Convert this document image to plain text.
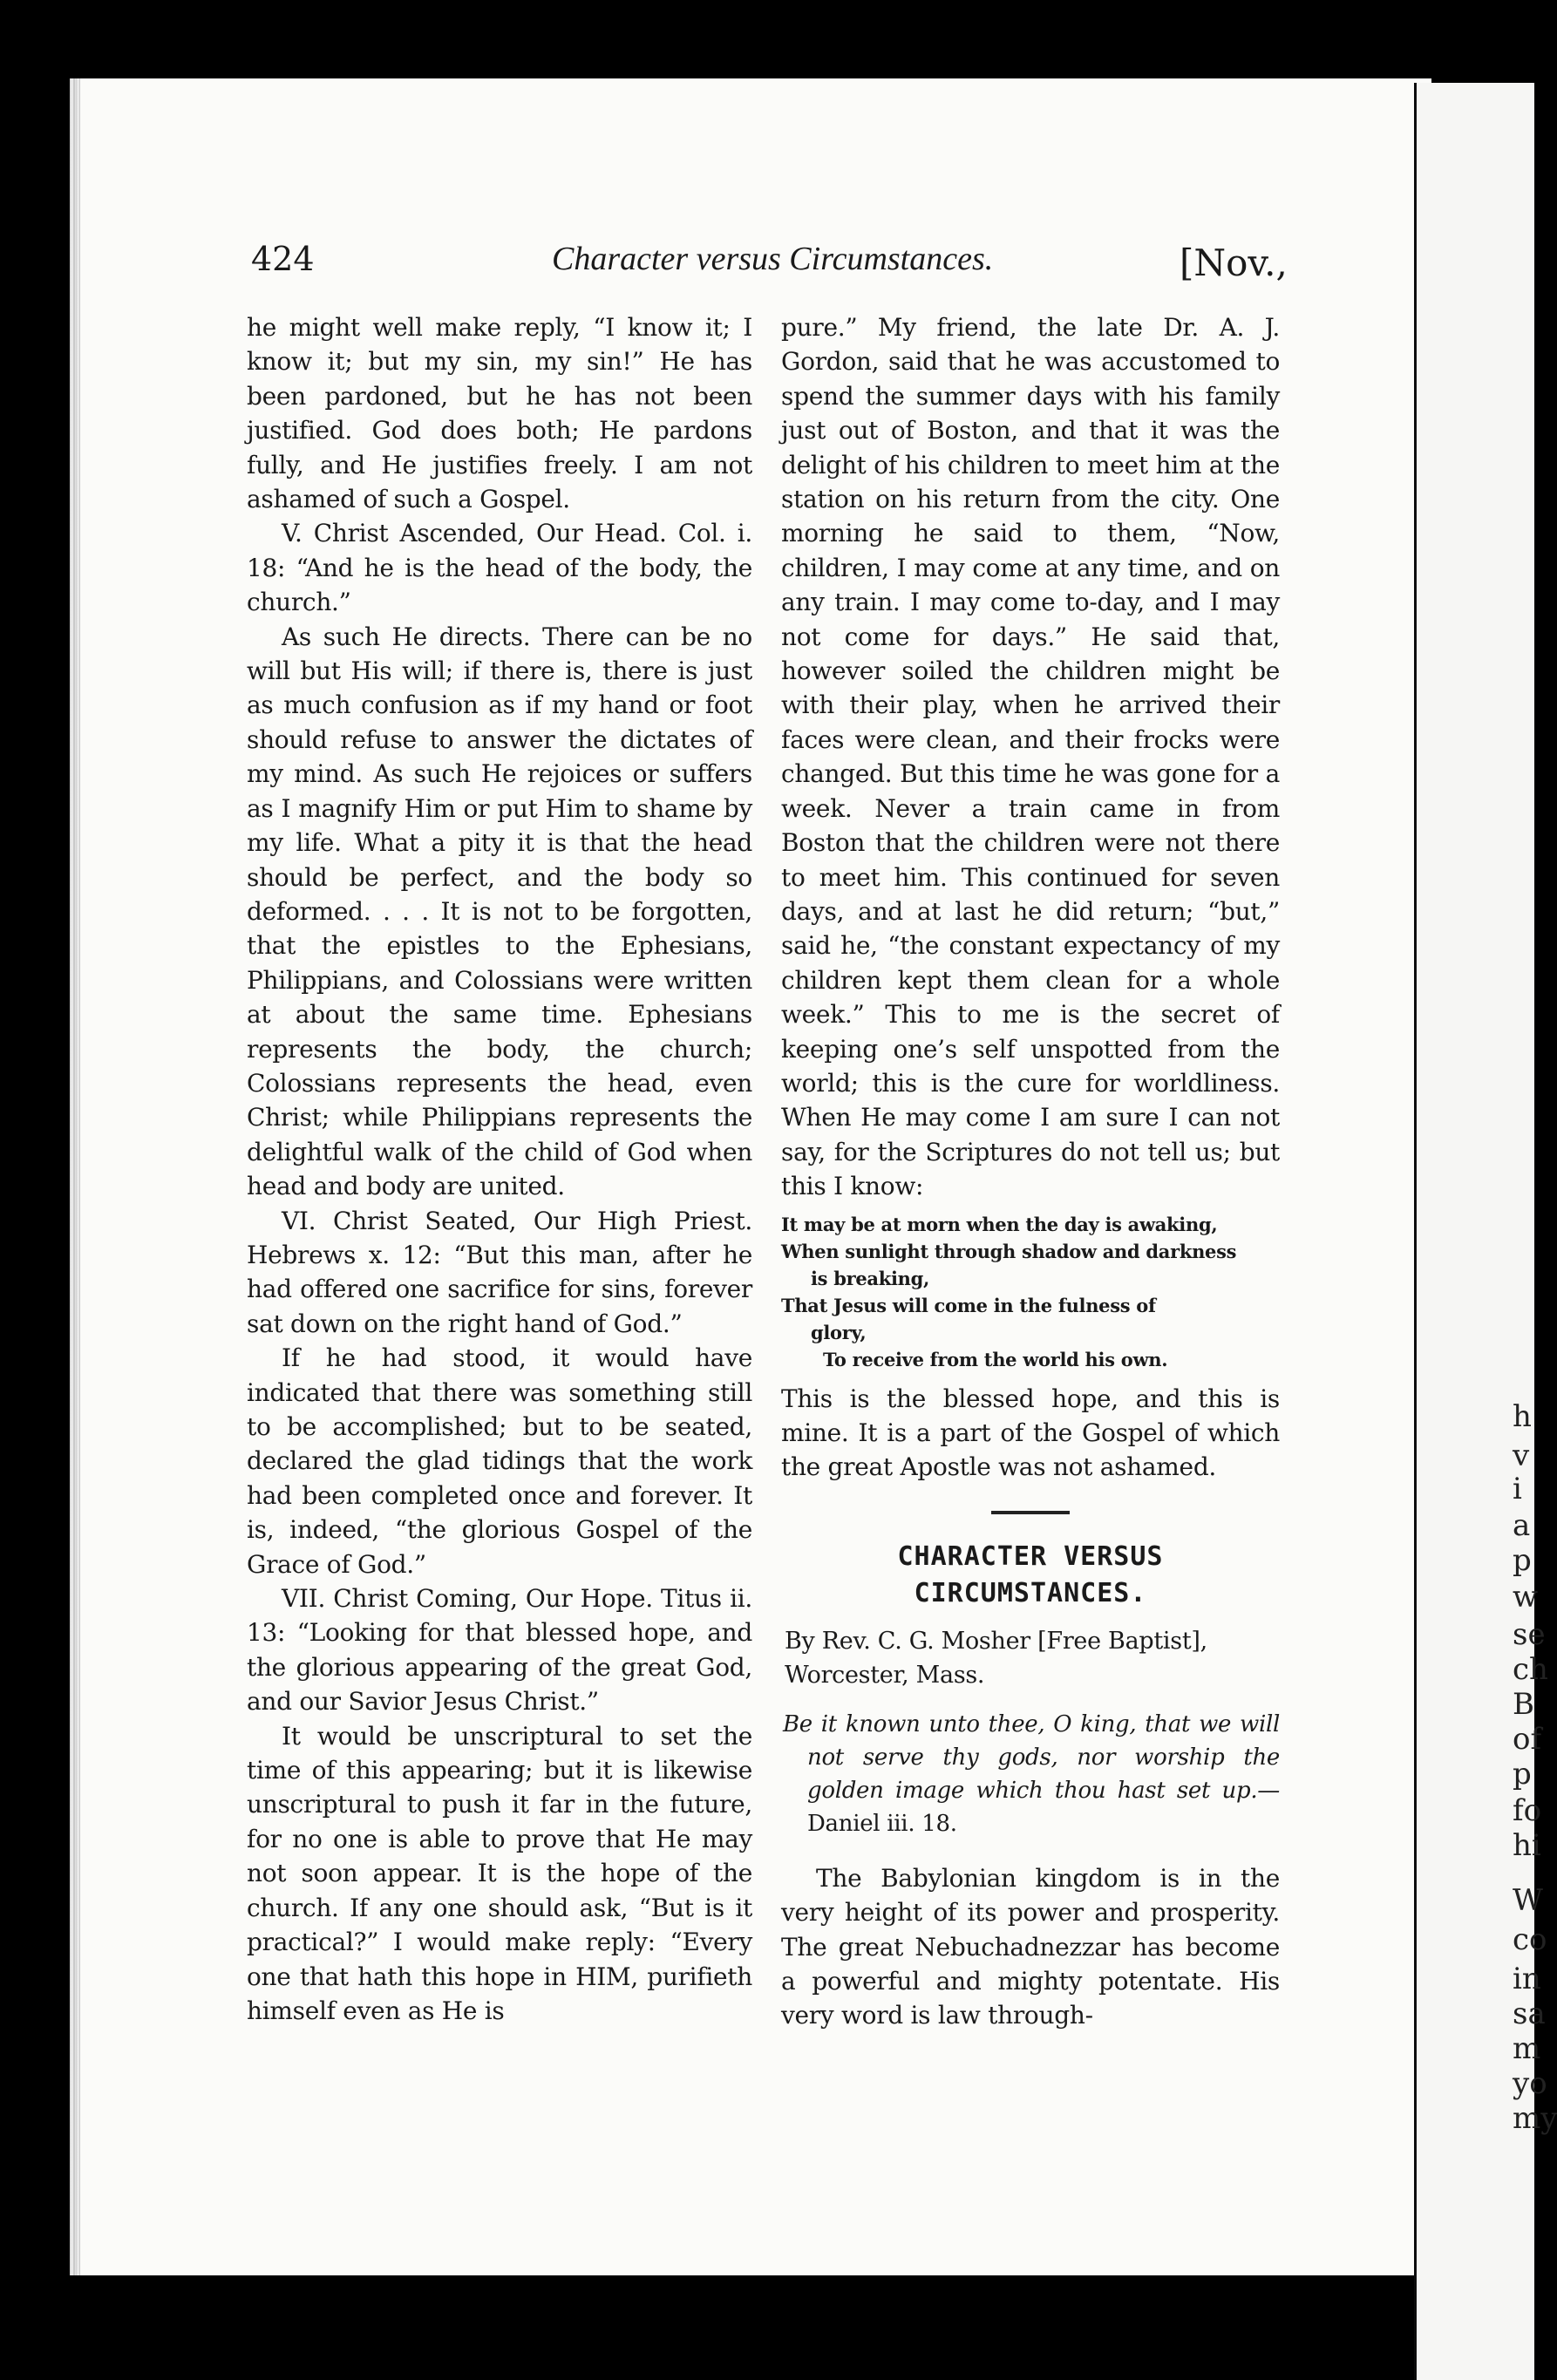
h
v
i
a
p
w
se
ch
B
of
p
fo
hi
W
co
in
sa
m
yo
my
424	Character versus Circumstances.	[Nov.,

he might well make reply, “I know it; I know it; but my sin, my sin!” He has been pardoned, but he has not been justified. God does both; He pardons fully, and He justifies freely. I am not ashamed of such a Gospel.

V. Christ Ascended, Our Head. Col. i. 18: “And he is the head of the body, the church.”

As such He directs. There can be no will but His will; if there is, there is just as much confusion as if my hand or foot should refuse to answer the dictates of my mind. As such He rejoices or suffers as I magnify Him or put Him to shame by my life. What a pity it is that the head should be perfect, and the body so deformed. . . . It is not to be forgotten, that the epistles to the Ephesians, Philippians, and Colossians were written at about the same time. Ephesians represents the body, the church; Colossians represents the head, even Christ; while Philippians represents the delightful walk of the child of God when head and body are united.

VI. Christ Seated, Our High Priest. Hebrews x. 12: “But this man, after he had offered one sacrifice for sins, forever sat down on the right hand of God.”

If he had stood, it would have indicated that there was something still to be accomplished; but to be seated, declared the glad tidings that the work had been completed once and forever. It is, indeed, “the glorious Gospel of the Grace of God.”

VII. Christ Coming, Our Hope. Titus ii. 13: “Looking for that blessed hope, and the glorious appearing of the great God, and our Savior Jesus Christ.”

It would be unscriptural to set the time of this appearing; but it is likewise unscriptural to push it far in the future, for no one is able to prove that He may not soon appear. It is the hope of the church. If any one should ask, “But is it practical?” I would make reply: “Every one that hath this hope in HIM, purifieth himself even as He is

pure.” My friend, the late Dr. A. J. Gordon, said that he was accustomed to spend the summer days with his family just out of Boston, and that it was the delight of his children to meet him at the station on his return from the city. One morning he said to them, “Now, children, I may come at any time, and on any train. I may come to-day, and I may not come for days.” He said that, however soiled the children might be with their play, when he arrived their faces were clean, and their frocks were changed. But this time he was gone for a week. Never a train came in from Boston that the children were not there to meet him. This continued for seven days, and at last he did return; “but,” said he, “the constant expectancy of my children kept them clean for a whole week.” This to me is the secret of keeping one’s self unspotted from the world; this is the cure for worldliness. When He may come I am sure I can not say, for the Scriptures do not tell us; but this I know:

It may be at morn when the day is awaking,
When sunlight through shadow and darkness
is breaking,
That Jesus will come in the fulness of
glory,
To receive from the world his own.

This is the blessed hope, and this is mine. It is a part of the Gospel of which the great Apostle was not ashamed.

CHARACTER VERSUS CIRCUMSTANCES.
By Rev. C. G. Mosher [Free Baptist], Worcester, Mass.
Be it known unto thee, O king, that we will not serve thy gods, nor worship the golden image which thou hast set up.— Daniel iii. 18.

The Babylonian kingdom is in the very height of its power and prosperity. The great Nebuchadnezzar has become a powerful and mighty potentate. His very word is law through-
